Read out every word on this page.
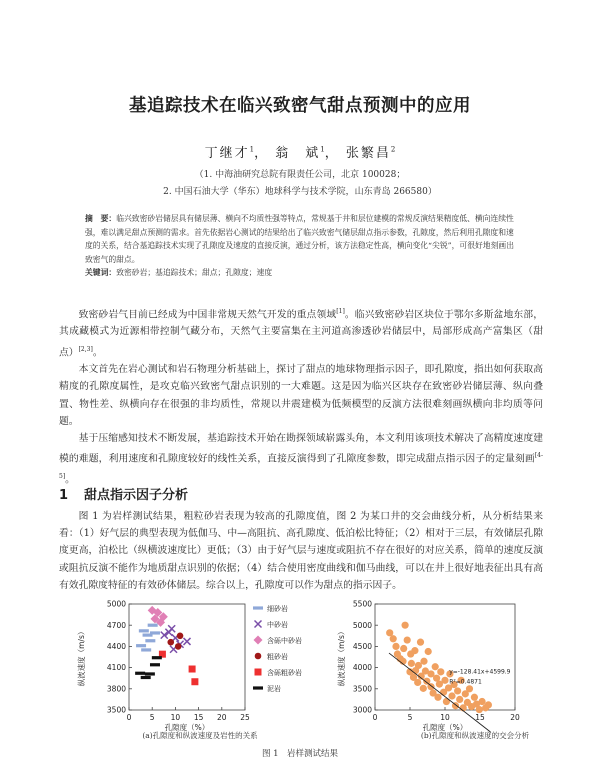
基追踪技术在临兴致密气甜点预测中的应用
丁继才$^1$， 翁　斌$^1$， 张繁昌$^2$
（1. 中海油研究总院有限责任公司，北京 100028；
2. 中国石油大学（华东）地球科学与技术学院，山东青岛 266580）
摘　要：临兴致密砂岩储层具有储层薄、横向不均质性强等特点，常规基于井和层位建模的常规反演结果精度低、横向连续性强，难以满足甜点预测的需求。首先依据岩心测试的结果给出了临兴致密气储层甜点指示参数，孔隙度，然后利用孔隙度和速度的关系，结合基追踪技术实现了孔隙度及速度的直接反演，通过分析，该方法稳定性高，横向变化“尖锐”，可很好地刻画出致密气的甜点。
关键词：致密砂岩；基追踪技术；甜点；孔隙度；速度

致密砂岩气目前已经成为中国非常规天然气开发的重点领域[1]。临兴致密砂岩区块位于鄂尔多斯盆地东部，其成藏模式为近源相带控制气藏分布，天然气主要富集在主河道高渗透砂岩储层中，局部形成高产富集区（甜点）[2,3]。

本文首先在岩心测试和岩石物理分析基础上，探讨了甜点的地球物理指示因子，即孔隙度，指出如何获取高精度的孔隙度属性，是攻克临兴致密气甜点识别的一大难题。这是因为临兴区块存在致密砂岩储层薄、纵向叠置、物性差、纵横向存在很强的非均质性，常规以井震建模为低频模型的反演方法很难刻画纵横向非均质等问题。

基于压缩感知技术不断发展，基追踪技术开始在勘探领域崭露头角，本文利用该项技术解决了高精度速度建模的难题，利用速度和孔隙度较好的线性关系，直接反演得到了孔隙度参数，即完成甜点指示因子的定量刻画[4-5]。

1 甜点指示因子分析

图 1 为岩样测试结果，粗粒砂岩表现为较高的孔隙度值，图 2 为某口井的交会曲线分析，从分析结果来看：（1）好气层的典型表现为低伽马、中—高阻抗、高孔隙度、低泊松比特征；（2）相对于三层，有效储层孔隙度更高，泊松比（纵横波速度比）更低；（3）由于好气层与速度或阻抗不存在很好的对应关系，简单的速度反演或阻抗反演不能作为地质甜点识别的依据；（4）结合使用密度曲线和伽马曲线，可以在井上很好地表征出具有高有效孔隙度特征的有效砂体储层。综合以上，孔隙度可以作为甜点的指示因子。

0 5 10 15 20 25
3500
3800
4100
4400
4700
5000
孔隙度（%）
纵波速度（m/s）
细砂岩
中砂岩
含砾中砂岩
粗砂岩
含砾粗砂岩
泥岩
0	5	10	15	20
3000
3500
4000
4500
5000
5500
孔隙度（%）
纵波速度（m/s）	y=-128.41x+4599.9
R²=0.4871
(a)孔隙度和纵波速度及岩性的关系	(b)孔隙度和纵波速度的交会分析
图 1　岩样测试结果
